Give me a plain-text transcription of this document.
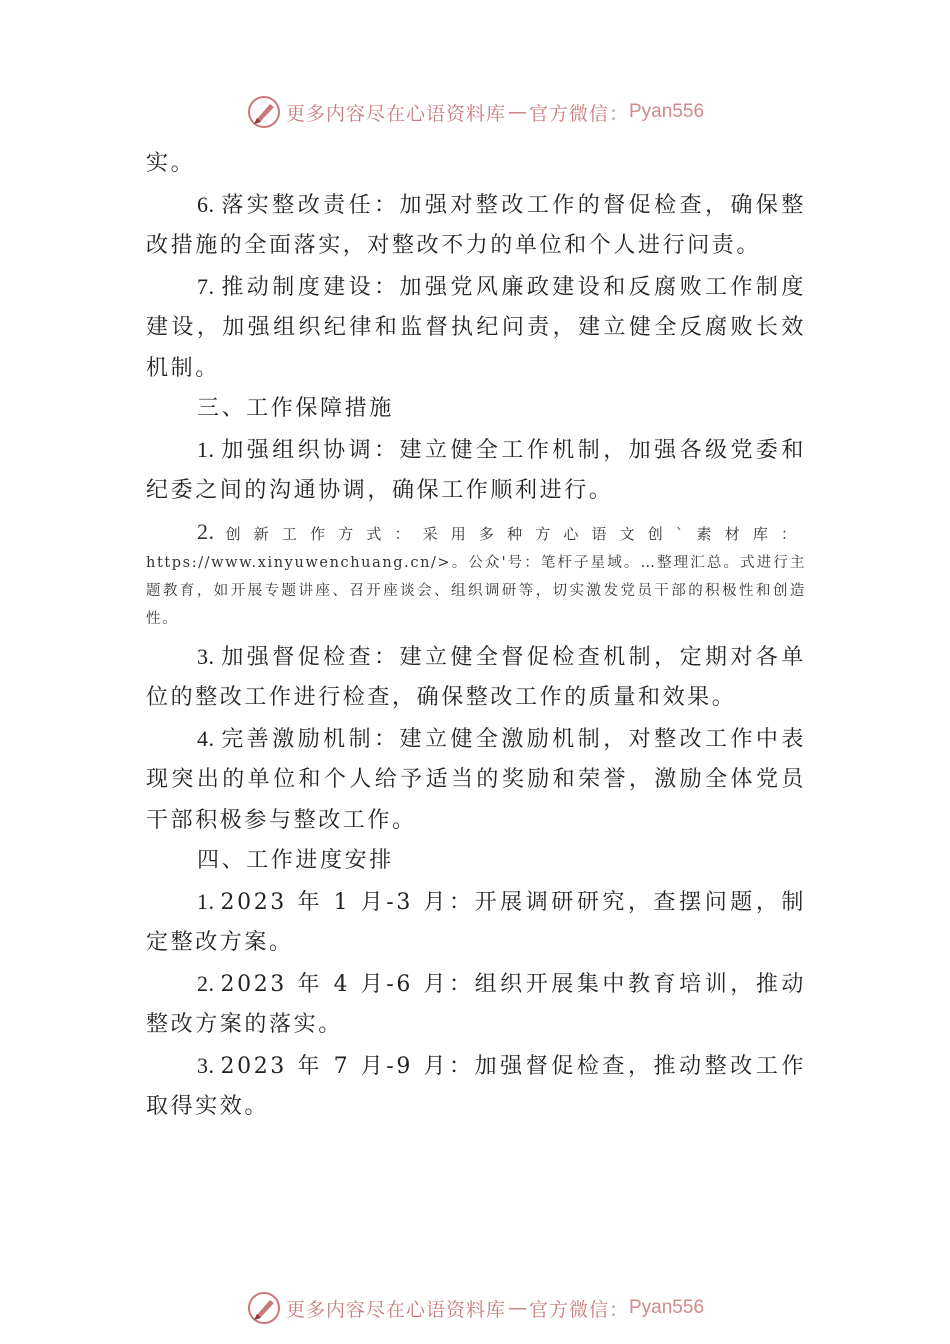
更多内容尽在心语资料库 — 官方微信： Pyan556

实。

6. 落实整改责任：加强对整改工作的督促检查，确保整改措施的全面落实，对整改不力的单位和个人进行问责。

7. 推动制度建设：加强党风廉政建设和反腐败工作制度建设，加强组织纪律和监督执纪问责，建立健全反腐败长效机制。

三、工作保障措施

1. 加强组织协调：建立健全工作机制，加强各级党委和纪委之间的沟通协调，确保工作顺利进行。

2. 创新工作方式：采用多种方心语文创`素材库：https://www.xinyuwenchuang.cn/>。公众'号：笔杆子星域。…整理汇总。式进行主题教育，如开展专题讲座、召开座谈会、组织调研等，切实激发党员干部的积极性和创造性。

3. 加强督促检查：建立健全督促检查机制，定期对各单位的整改工作进行检查，确保整改工作的质量和效果。

4. 完善激励机制：建立健全激励机制，对整改工作中表现突出的单位和个人给予适当的奖励和荣誉，激励全体党员干部积极参与整改工作。

四、工作进度安排

1. 2023 年 1 月-3 月：开展调研研究，查摆问题，制定整改方案。

2. 2023 年 4 月-6 月：组织开展集中教育培训，推动整改方案的落实。

3. 2023 年 7 月-9 月：加强督促检查，推动整改工作取得实效。

更多内容尽在心语资料库 — 官方微信： Pyan556
